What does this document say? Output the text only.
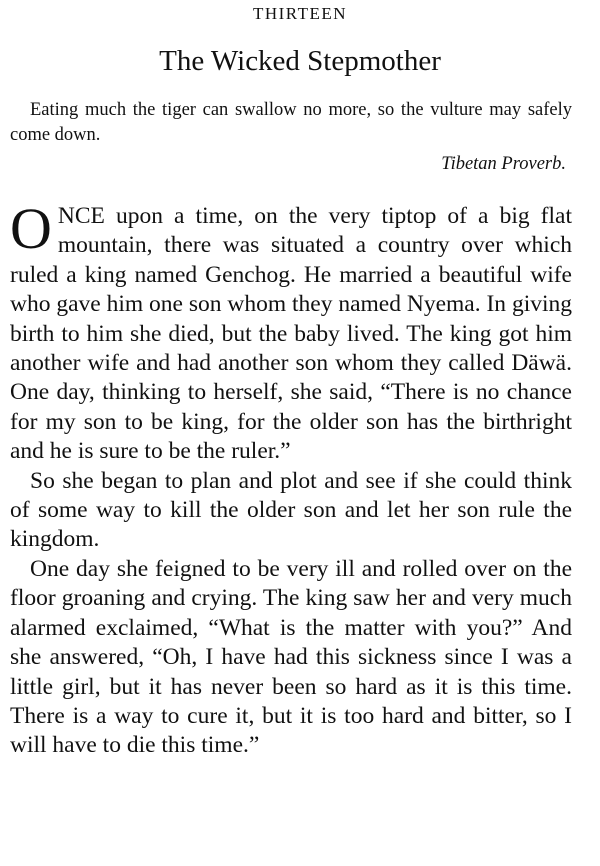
THIRTEEN
The Wicked Stepmother

Eating much the tiger can swallow no more, so the vulture may safely come down.

Tibetan Proverb.

ONCE upon a time, on the very tiptop of a big flat mountain, there was situated a country over which ruled a king named Genchog. He married a beautiful wife who gave him one son whom they named Nyema. In giving birth to him she died, but the baby lived. The king got him another wife and had another son whom they called Däwä. One day, thinking to herself, she said, “There is no chance for my son to be king, for the older son has the birthright and he is sure to be the ruler.”

So she began to plan and plot and see if she could think of some way to kill the older son and let her son rule the kingdom.

One day she feigned to be very ill and rolled over on the floor groaning and crying. The king saw her and very much alarmed exclaimed, “What is the matter with you?” And she answered, “Oh, I have had this sickness since I was a little girl, but it has never been so hard as it is this time. There is a way to cure it, but it is too hard and bitter, so I will have to die this time.”
